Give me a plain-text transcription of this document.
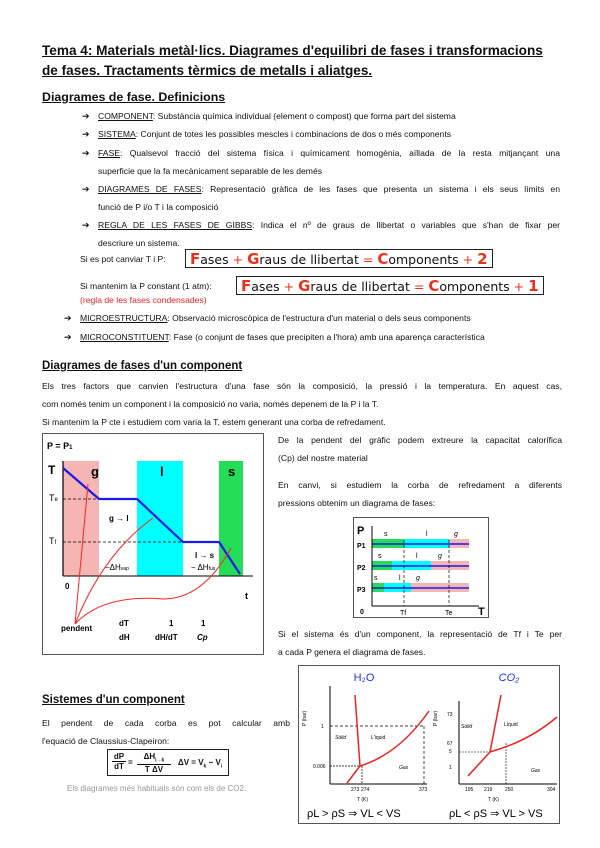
Tema 4: Materials metàl·lics. Diagrames d'equilibri de fases i transformacions de fases. Tractaments tèrmics de metalls i aliatges.
Diagrames de fase. Definicions
➔ COMPONENT: Substància química individual (element o compost) que forma part del sistema
➔ SISTEMA: Conjunt de totes les possibles mescles i combinacions de dos o més components
➔ FASE: Qualsevol fracció del sistema física i químicament homogènia, aïllada de la resta mitjançant una
superficie que la fa mecànicament separable de les demés
➔ DIAGRAMES DE FASES: Representació gràfica de les fases que presenta un sistema i els seus límits en
funció de P i/o T i la composició
➔ REGLA DE LES FASES DE GIBBS: Indica el nº de graus de llibertat o variables que s'han de fixar per
descriure un sistema.
Si es pot canviar T i P:	Fases + Graus de llibertat = Components + 2
Si mantenim la P constant (1 atm):	Fases + Graus de llibertat = Components + 1
(regla de les fases condensades)
➔ MICROESTRUCTURA: Observació microscòpica de l'estructura d'un material o dels seus components
➔ MICROCONSTITUENT: Fase (o conjunt de fases que precipiten a l'hora) amb una aparença característica
Diagrames de fases d'un component
Els tres factors que canvien l'estructura d'una fase són la composició, la pressió i la temperatura. En aquest cas,
com només tenim un component i la composició no varia, només depenem de la P i la T.
Si mantenim la P cte i estudiem com varia la T, estem generant una corba de refredament.
P = P1
T	g	l	s
Te
Tf
g → l
l → s
−ΔHvap	− ΔHfus
0
t
pendent
dT
dH
1
dH/dT
1
Cp
De la pendent del gràfic podem extreure la capacitat calorífica
(Cp) del nostre material
En canvi, si estudiem la corba de refredament a diferents
pressions obtenim un diagrama de fases:
P
P1
P2
P3
s	l	g
s	l	g
s	l g
0	Tf	Te T
Si el sistema és d'un component, la representació de Tf i Te per
a cada P genera el diagrama de fases.
Sistemes d'un component
El pendent de cada corba es pot calcular amb
l'equació de Claussius-Clapeiron:
dP
dT =
$\Delta H_{i\to k}$
T ΔV
$\Delta V = V_k - V_i$
Els diagrames més habituals són com els de CO2.
H₂O	CO₂
P (bar)
1
0.006
273 274	373
T (K)
Sòlid	L'iquid
Gas
P (bar) 73
67
5
1
195 219	250	304
T (K)
Sòlid	Líquid
Gas
ρL > ρS ⇒ VL < VS	ρL < ρS ⇒ VL > VS
